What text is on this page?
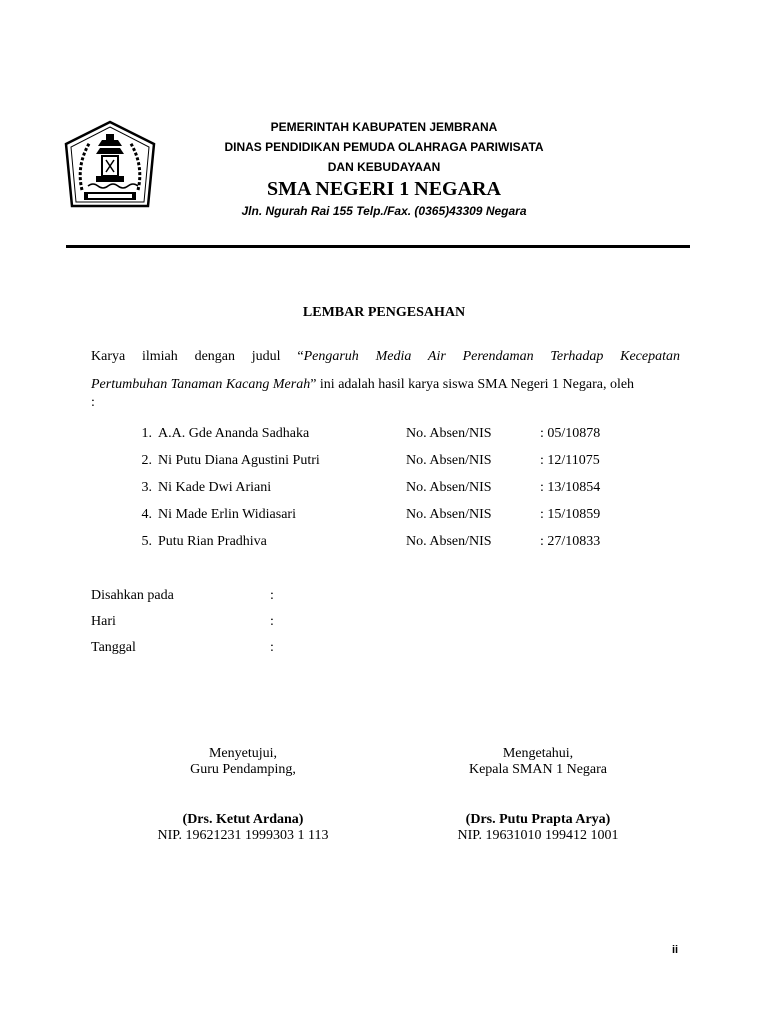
PEMERINTAH KABUPATEN JEMBRANA
DINAS PENDIDIKAN PEMUDA OLAHRAGA PARIWISATA
DAN KEBUDAYAAN
SMA NEGERI 1 NEGARA
Jln. Ngurah Rai 155 Telp./Fax. (0365)43309 Negara
LEMBAR PENGESAHAN
Karya ilmiah dengan judul “Pengaruh Media Air Perendaman Terhadap Kecepatan
Pertumbuhan Tanaman Kacang Merah” ini adalah hasil karya siswa SMA Negeri 1 Negara, oleh
:
1. A.A. Gde Ananda Sadhaka	No. Absen/NIS	: 05/10878
2. Ni Putu Diana Agustini Putri	No. Absen/NIS	: 12/11075
3. Ni Kade Dwi Ariani	No. Absen/NIS	: 13/10854
4. Ni Made Erlin Widiasari	No. Absen/NIS	: 15/10859
5. Putu Rian Pradhiva	No. Absen/NIS	: 27/10833
Disahkan pada	:
Hari	:
Tanggal	:
Menyetujui,
Guru Pendamping,
(Drs. Ketut Ardana)
NIP. 19621231 1999303 1 113
Mengetahui,
Kepala SMAN 1 Negara
(Drs. Putu Prapta Arya)
NIP. 19631010 199412 1001
ii
